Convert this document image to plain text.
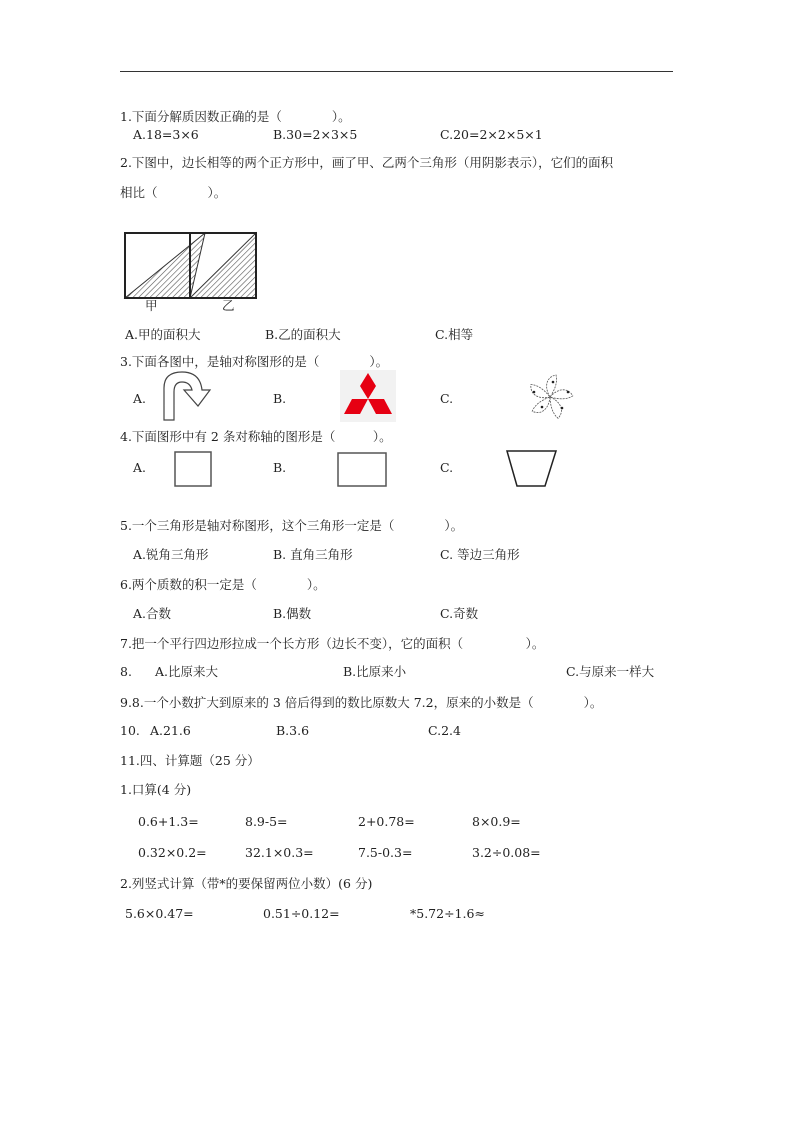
1.下面分解质因数正确的是（　　　　）。
A.18=3×6	B.30=2×3×5	C.20=2×2×5×1
2.下图中，边长相等的两个正方形中，画了甲、乙两个三角形（用阴影表示），它们的面积
相比（　　　　）。
甲	乙
A.甲的面积大	B.乙的面积大	C.相等
3.下面各图中，是轴对称图形的是（　　　　）。
A.	B.	C.
4.下面图形中有 2 条对称轴的图形是（　　　）。
A.	B.	C.
5.一个三角形是轴对称图形，这个三角形一定是（　　　　）。
A.锐角三角形	B. 直角三角形	C. 等边三角形
6.两个质数的积一定是（　　　　）。
A.合数	B.偶数	C.奇数
7.把一个平行四边形拉成一个长方形（边长不变），它的面积（　　　　　）。
8. A.比原来大	B.比原来小	C.与原来一样大
9.8.一个小数扩大到原来的 3 倍后得到的数比原数大 7.2，原来的小数是（　　　　）。
10. A.21.6	B.3.6	C.2.4
11.四、计算题（25 分）
1.口算(4 分)
0.6+1.3=	8.9-5=	2+0.78=	8×0.9=
0.32×0.2=	32.1×0.3=	7.5-0.3=	3.2÷0.08=
2.列竖式计算（带*的要保留两位小数）(6 分)
5.6×0.47=	0.51÷0.12=	*5.72÷1.6≈
